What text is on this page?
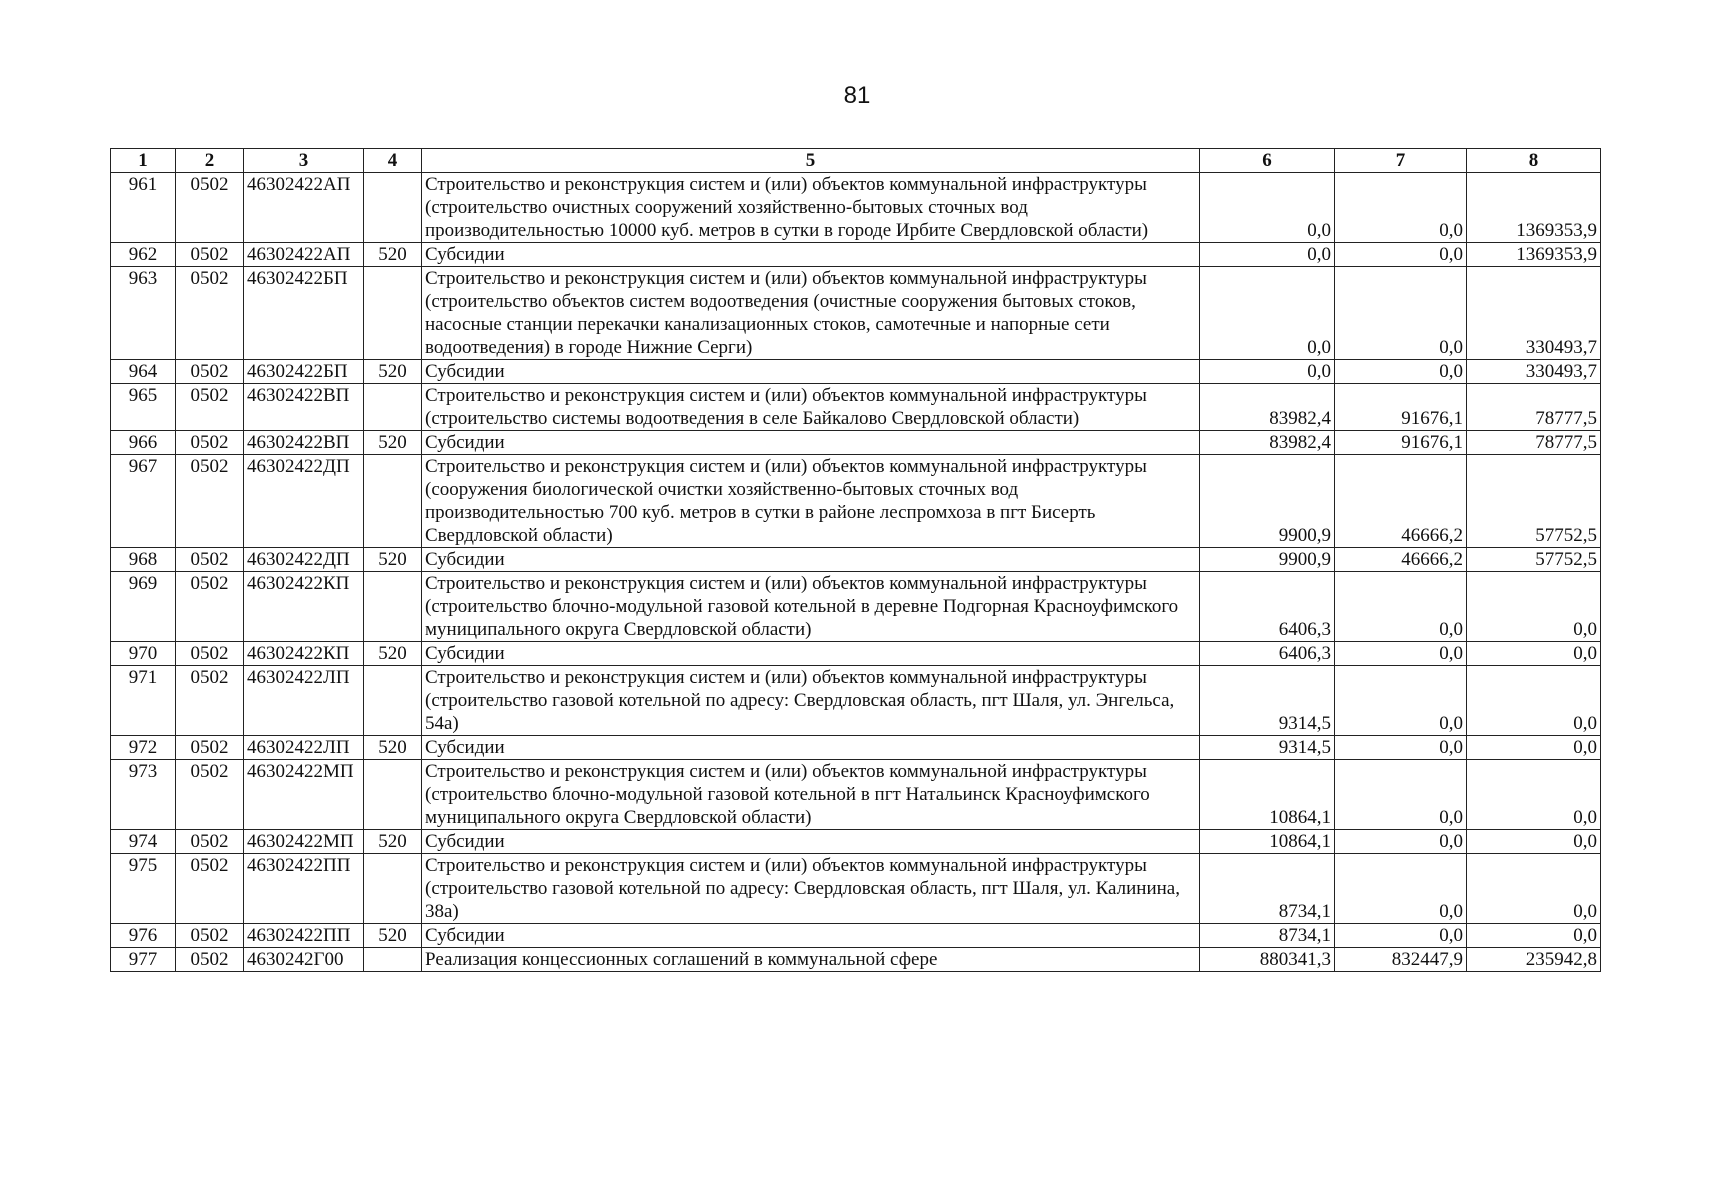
81
1	2	3	4	5	6	7	8
961	0502	46302422АП		Строительство и реконструкция систем и (или) объектов коммунальной инфраструктуры (строительство очистных сооружений хозяйственно-бытовых сточных вод производительностью 10000 куб. метров в сутки в городе Ирбите Свердловской области)	0,0	0,0	1369353,9
962	0502	46302422АП	520	Субсидии	0,0	0,0	1369353,9
963	0502	46302422БП		Строительство и реконструкция систем и (или) объектов коммунальной инфраструктуры (строительство объектов систем водоотведения (очистные сооружения бытовых стоков, насосные станции перекачки канализационных стоков, самотечные и напорные сети водоотведения) в городе Нижние Серги)	0,0	0,0	330493,7
964	0502	46302422БП	520	Субсидии	0,0	0,0	330493,7
965	0502	46302422ВП		Строительство и реконструкция систем и (или) объектов коммунальной инфраструктуры (строительство системы водоотведения в селе Байкалово Свердловской области)	83982,4	91676,1	78777,5
966	0502	46302422ВП	520	Субсидии	83982,4	91676,1	78777,5
967	0502	46302422ДП		Строительство и реконструкция систем и (или) объектов коммунальной инфраструктуры (сооружения биологической очистки хозяйственно-бытовых сточных вод производительностью 700 куб. метров в сутки в районе леспромхоза в пгт Бисерть Свердловской области)	9900,9	46666,2	57752,5
968	0502	46302422ДП	520	Субсидии	9900,9	46666,2	57752,5
969	0502	46302422КП		Строительство и реконструкция систем и (или) объектов коммунальной инфраструктуры (строительство блочно-модульной газовой котельной в деревне Подгорная Красноуфимского муниципального округа Свердловской области)	6406,3	0,0	0,0
970	0502	46302422КП	520	Субсидии	6406,3	0,0	0,0
971	0502	46302422ЛП		Строительство и реконструкция систем и (или) объектов коммунальной инфраструктуры (строительство газовой котельной по адресу: Свердловская область, пгт Шаля, ул. Энгельса, 54а)	9314,5	0,0	0,0
972	0502	46302422ЛП	520	Субсидии	9314,5	0,0	0,0
973	0502	46302422МП		Строительство и реконструкция систем и (или) объектов коммунальной инфраструктуры (строительство блочно-модульной газовой котельной в пгт Натальинск Красноуфимского муниципального округа Свердловской области)	10864,1	0,0	0,0
974	0502	46302422МП	520	Субсидии	10864,1	0,0	0,0
975	0502	46302422ПП		Строительство и реконструкция систем и (или) объектов коммунальной инфраструктуры (строительство газовой котельной по адресу: Свердловская область, пгт Шаля, ул. Калинина, 38а)	8734,1	0,0	0,0
976	0502	46302422ПП	520	Субсидии	8734,1	0,0	0,0
977	0502	4630242Г00		Реализация концессионных соглашений в коммунальной сфере	880341,3	832447,9	235942,8
